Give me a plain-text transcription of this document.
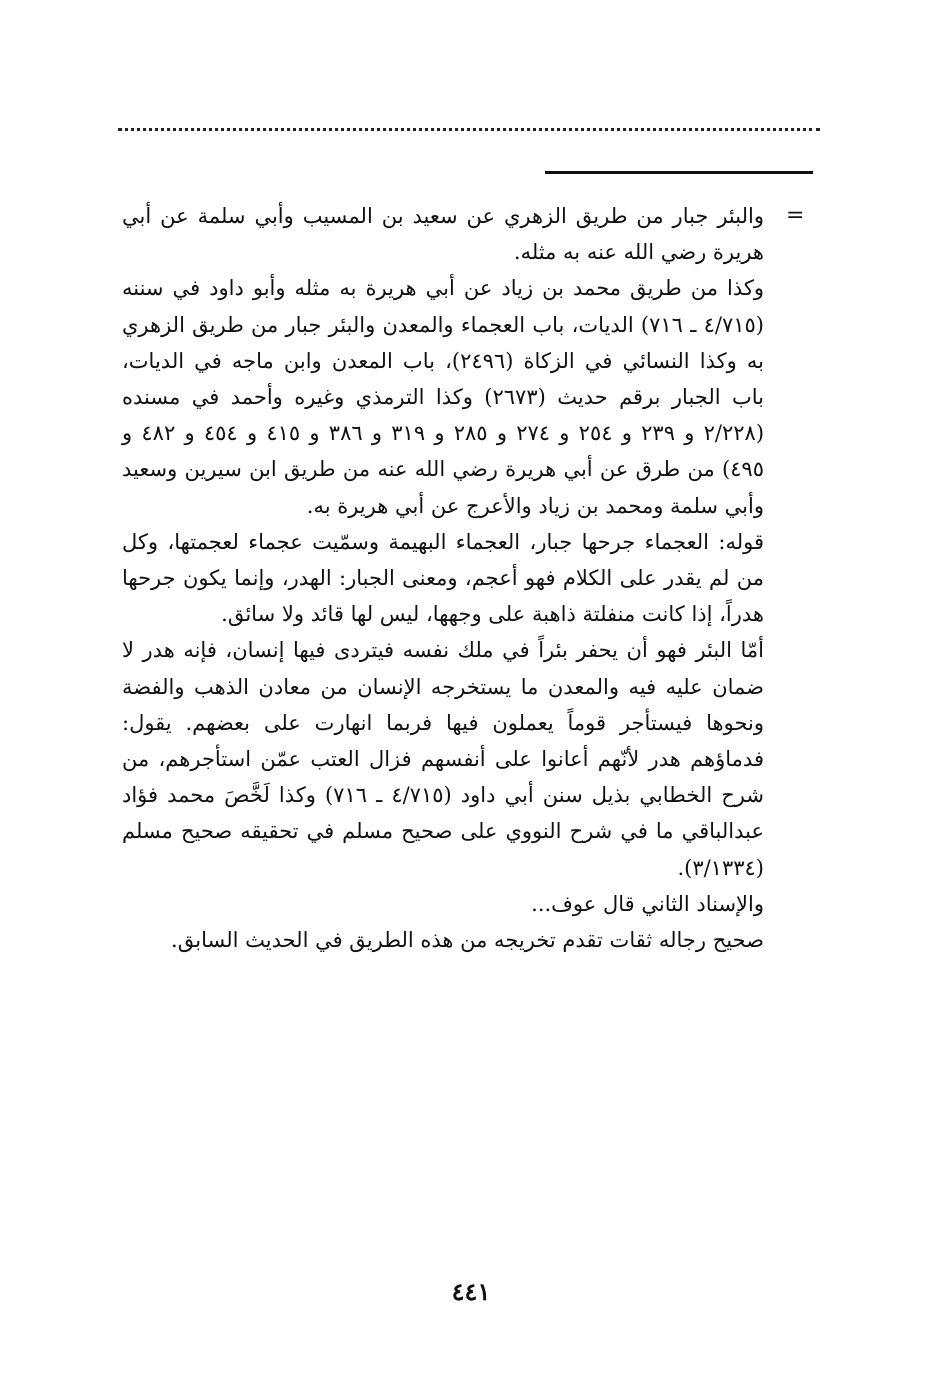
=

والبئر جبار من طريق الزهري عن سعيد بن المسيب وأبي سلمة عن أبي هريرة رضي الله عنه به مثله.

وكذا من طريق محمد بن زياد عن أبي هريرة به مثله وأبو داود في سننه (٤/٧١٥ ـ ٧١٦) الديات، باب العجماء والمعدن والبئر جبار من طريق الزهري به وكذا النسائي في الزكاة (٢٤٩٦)، باب المعدن وابن ماجه في الديات، باب الجبار برقم حديث (٢٦٧٣) وكذا الترمذي وغيره وأحمد في مسنده (٢/٢٢٨ و ٢٣٩ و ٢٥٤ و ٢٧٤ و ٢٨٥ و ٣١٩ و ٣٨٦ و ٤١٥ و ٤٥٤ و ٤٨٢ و ٤٩٥) من طرق عن أبي هريرة رضي الله عنه من طريق ابن سيرين وسعيد وأبي سلمة ومحمد بن زياد والأعرج عن أبي هريرة به.

قوله: العجماء جرحها جبار، العجماء البهيمة وسمّيت عجماء لعجمتها، وكل من لم يقدر على الكلام فهو أعجم، ومعنى الجبار: الهدر، وإنما يكون جرحها هدراً، إذا كانت منفلتة ذاهبة على وجهها، ليس لها قائد ولا سائق.

أمّا البئر فهو أن يحفر بئراً في ملك نفسه فيتردى فيها إنسان، فإنه هدر لا ضمان عليه فيه والمعدن ما يستخرجه الإنسان من معادن الذهب والفضة ونحوها فيستأجر قوماً يعملون فيها فربما انهارت على بعضهم. يقول: فدماؤهم هدر لأنّهم أعانوا على أنفسهم فزال العتب عمّن استأجرهم، من شرح الخطابي بذيل سنن أبي داود (٤/٧١٥ ـ ٧١٦) وكذا لَخَّصَ محمد فؤاد عبدالباقي ما في شرح النووي على صحيح مسلم في تحقيقه صحيح مسلم (٣/١٣٣٤).

والإسناد الثاني قال عوف...

صحيح رجاله ثقات تقدم تخريجه من هذه الطريق في الحديث السابق.

٤٤١
